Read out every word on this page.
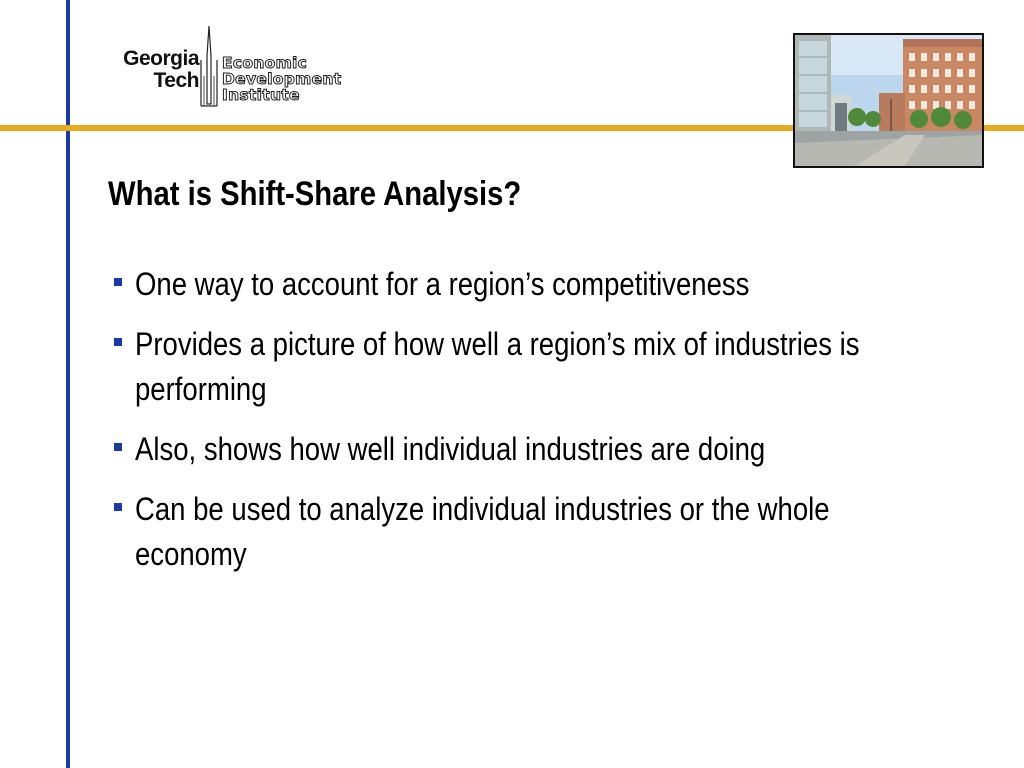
Georgia
Tech
Economic
Development
Institute
What is Shift-Share Analysis?
One way to account for a region’s competitiveness
Provides a picture of how well a region’s mix of industries is performing
Also, shows how well individual industries are doing
Can be used to analyze individual industries or the whole economy
